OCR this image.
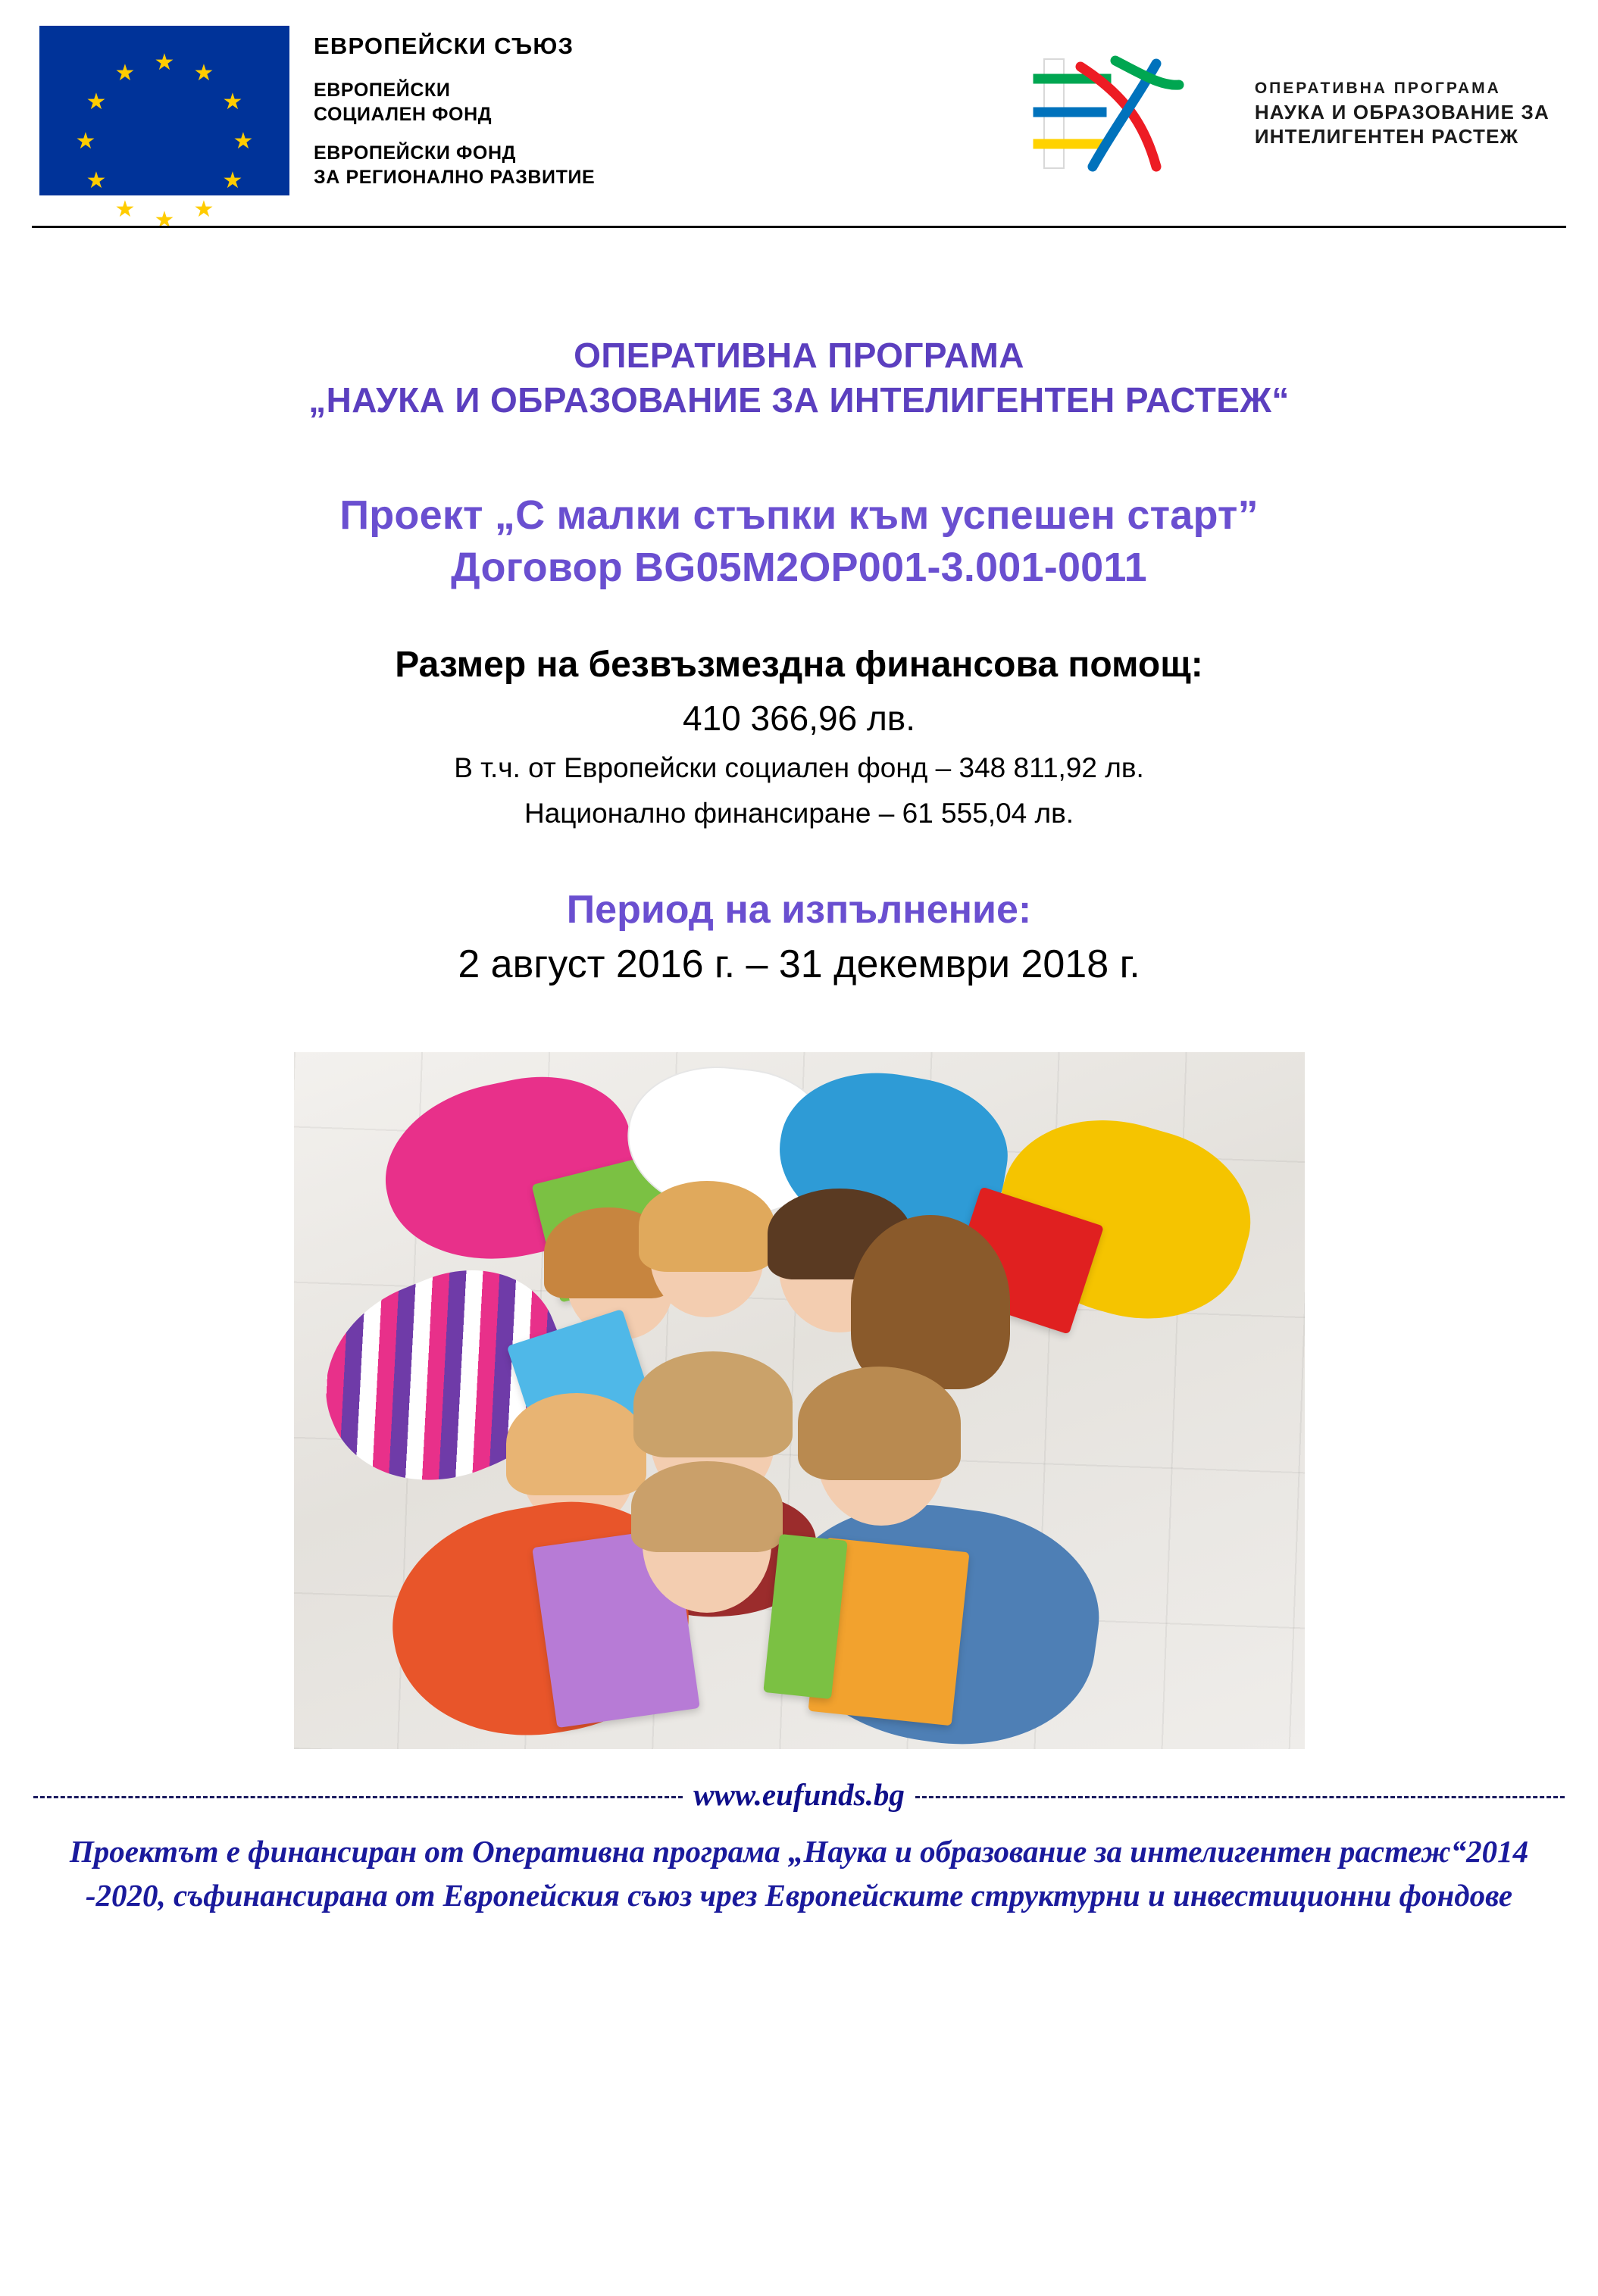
★ ★
★
★
★
★
★
★
★
★
★
★
ЕВРОПЕЙСКИ СЪЮЗ
ЕВРОПЕЙСКИ
СОЦИАЛЕН ФОНД
ЕВРОПЕЙСКИ ФОНД
ЗА РЕГИОНАЛНО РАЗВИТИЕ
ОПЕРАТИВНА ПРОГРАМА
НАУКА И ОБРАЗОВАНИЕ ЗА
ИНТЕЛИГЕНТЕН РАСТЕЖ
ОПЕРАТИВНА ПРОГРАМА
„НАУКА И ОБРАЗОВАНИЕ ЗА ИНТЕЛИГЕНТЕН РАСТЕЖ“
Проект „С малки стъпки към успешен старт”
Договор BG05M2OP001-3.001-0011
Размер на безвъзмездна финансова помощ:
410 366,96 лв.
В т.ч. от Европейски социален фонд – 348 811,92 лв.
Национално финансиране – 61 555,04 лв.
Период на изпълнение:
2 август 2016 г. – 31 декември 2018 г.
www.eufunds.bg
Проектът е финансиран от Оперативна програма „Наука и образование за интелигентен растеж“2014 -2020, съфинансирана от Европейския съюз чрез Европейските структурни и инвестиционни фондове
